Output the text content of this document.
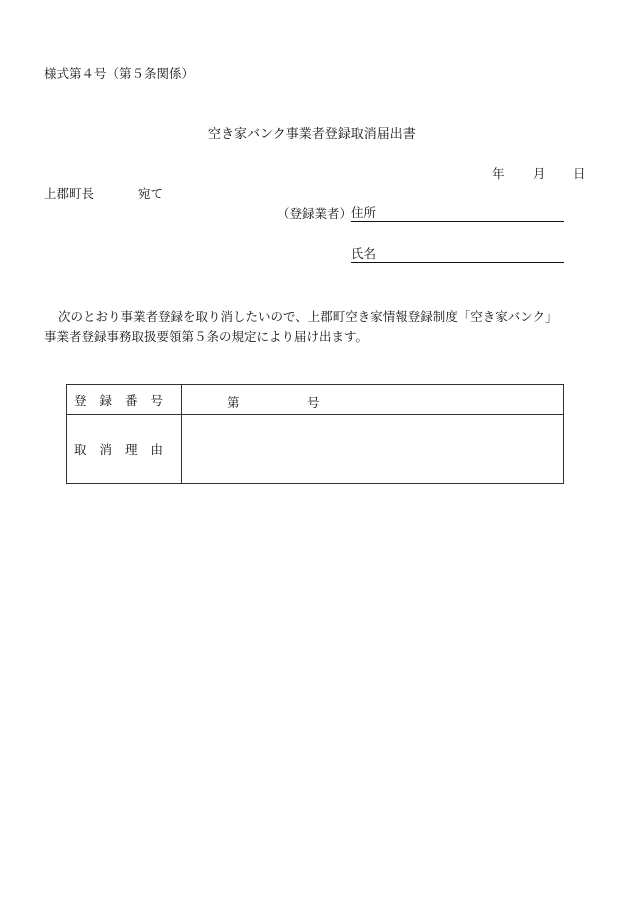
様式第４号（第５条関係）
空き家バンク事業者登録取消届出書
年 月 日
上郡町長	宛て
（登録業者）
住所
氏名

次のとおり事業者登録を取り消したいので、上郡町空き家情報登録制度「空き家バンク」

事業者登録事務取扱要領第５条の規定により届け出ます。

登録番号	第 号

取消理由	
